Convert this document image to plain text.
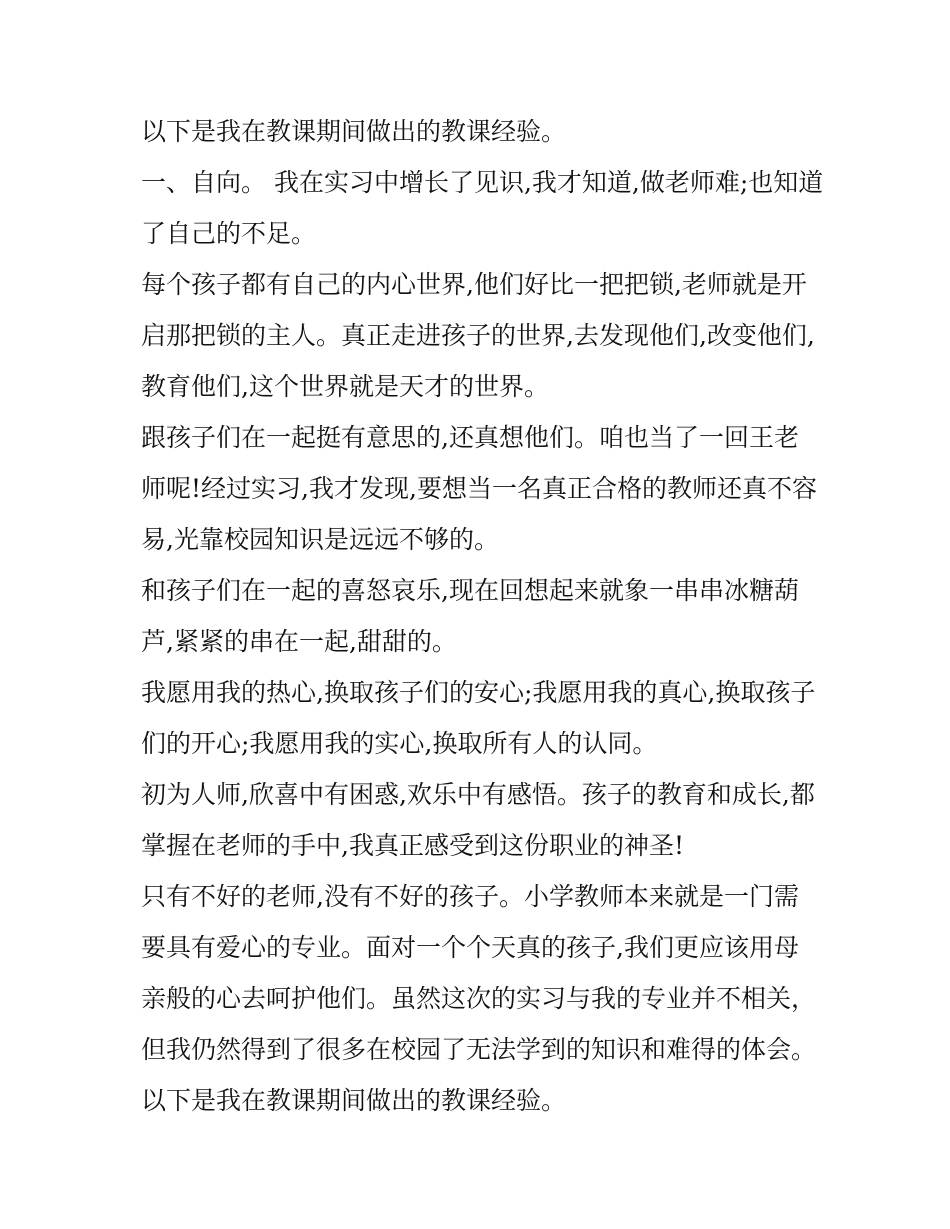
以下是我在教课期间做出的教课经验。
一、自向。 我在实习中增长了见识,我才知道,做老师难;也知道
了自己的不足。
每个孩子都有自己的内心世界,他们好比一把把锁,老师就是开
启那把锁的主人。真正走进孩子的世界,去发现他们,改变他们,
教育他们,这个世界就是天才的世界。
跟孩子们在一起挺有意思的,还真想他们。咱也当了一回王老
师呢!经过实习,我才发现,要想当一名真正合格的教师还真不容
易,光靠校园知识是远远不够的。
和孩子们在一起的喜怒哀乐,现在回想起来就象一串串冰糖葫
芦,紧紧的串在一起,甜甜的。
我愿用我的热心,换取孩子们的安心;我愿用我的真心,换取孩子
们的开心;我愿用我的实心,换取所有人的认同。
初为人师,欣喜中有困惑,欢乐中有感悟。孩子的教育和成长,都
掌握在老师的手中,我真正感受到这份职业的神圣!
只有不好的老师,没有不好的孩子。小学教师本来就是一门需
要具有爱心的专业。面对一个个天真的孩子,我们更应该用母
亲般的心去呵护他们。虽然这次的实习与我的专业并不相关，
但我仍然得到了很多在校园了无法学到的知识和难得的体会。
以下是我在教课期间做出的教课经验。
